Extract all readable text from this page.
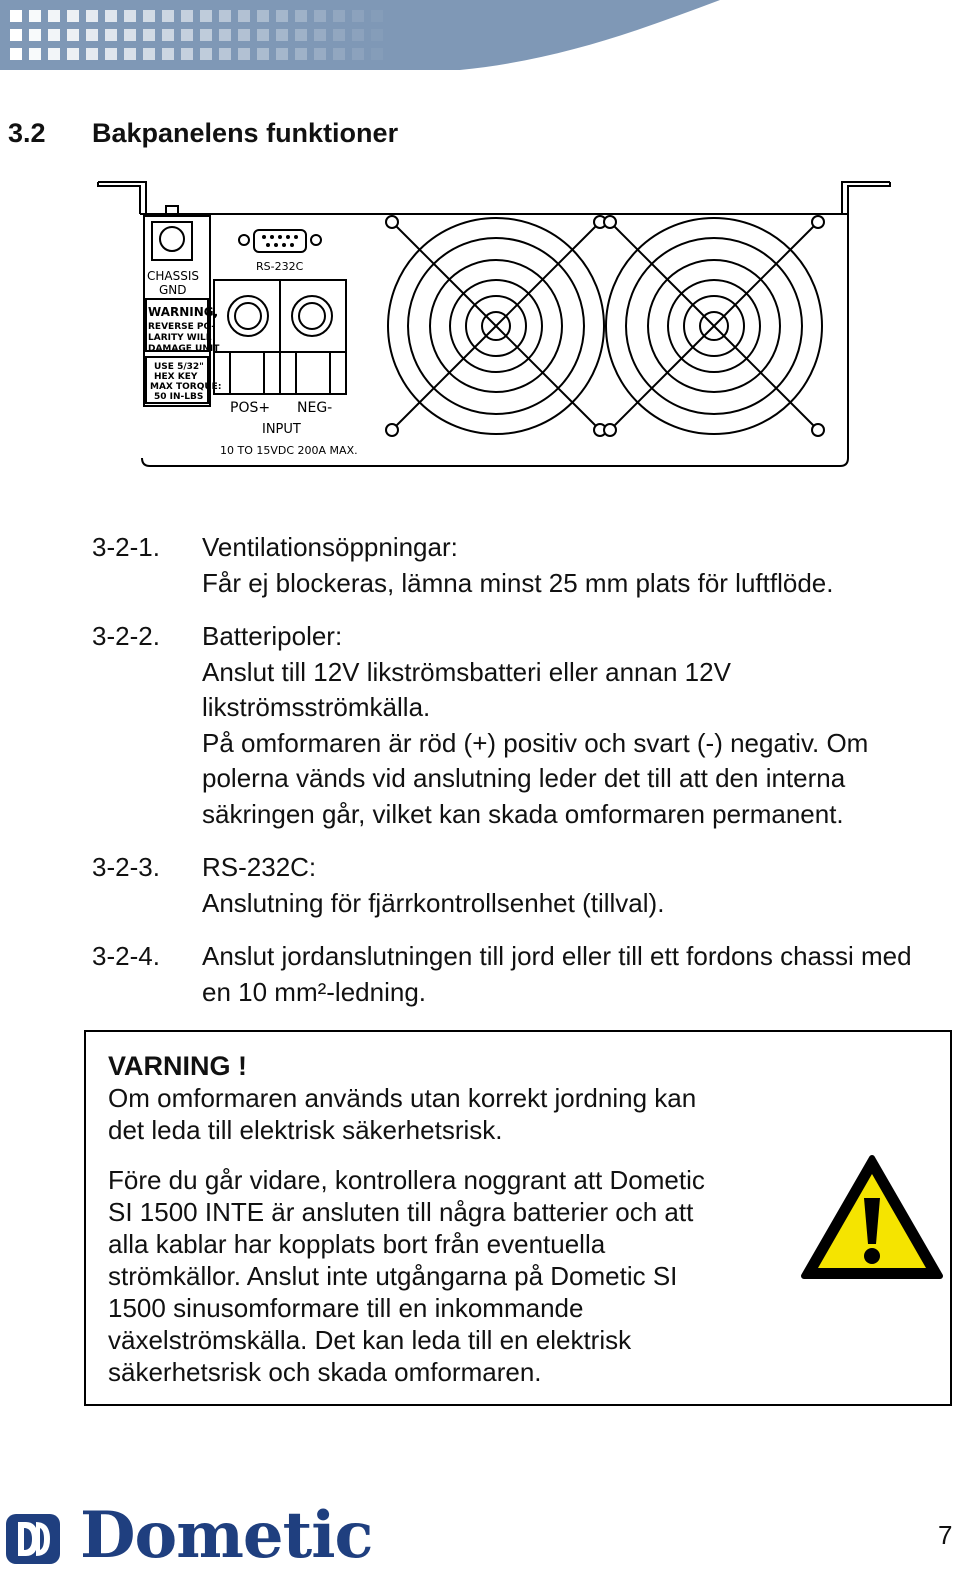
3.2 Bakpanelens funktioner
CHASSIS
GND
WARNING,
REVERSE PO-
LARITY WILL
DAMAGE UNIT
USE 5/32"
HEX KEY
MAX TORQUE:
50 IN-LBS
RS-232C
POS+ NEG-
INPUT
10 TO 15VDC 200A MAX.
3-2-1.	Ventilationsöppningar:
Får ej blockeras, lämna minst 25 mm plats för luftflöde.
3-2-2.	Batteripoler:
Anslut till 12V likströmsbatteri eller annan 12V
likströmsströmkälla.
På omformaren är röd (+) positiv och svart (-) negativ. Om
polerna vänds vid anslutning leder det till att den interna
säkringen går, vilket kan skada omformaren permanent.
3-2-3.	RS-232C:
Anslutning för fjärrkontrollsenhet (tillval).
3-2-4.	Anslut jordanslutningen till jord eller till ett fordons chassi med
en 10 mm²-ledning.
VARNING !
Om omformaren används utan korrekt jordning kan
det leda till elektrisk säkerhetsrisk.
Före du går vidare, kontrollera noggrant att Dometic
SI 1500 INTE är ansluten till några batterier och att
alla kablar har kopplats bort från eventuella
strömkällor. Anslut inte utgångarna på Dometic SI
1500 sinusomformare till en inkommande
växelströmskälla. Det kan leda till en elektrisk
säkerhetsrisk och skada omformaren.
Dometic	7
